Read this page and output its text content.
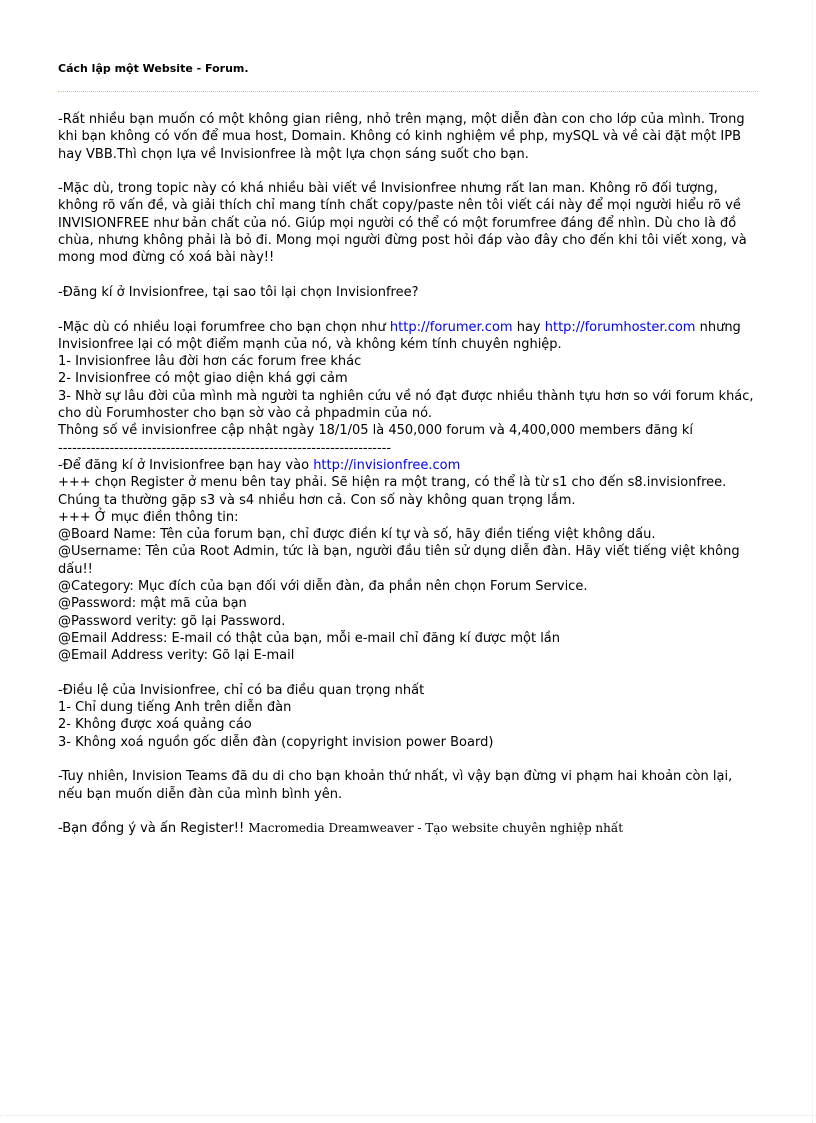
Cách lập một Website - Forum.

-Rất nhiều bạn muốn có một không gian riêng, nhỏ trên mạng, một diễn đàn con cho lớp của mình. Trong khi bạn không có vốn để mua host, Domain. Không có kinh nghiệm về php, mySQL và về cài đặt một IPB hay VBB.Thì chọn lựa về Invisionfree là một lựa chọn sáng suốt cho bạn.

-Mặc dù, trong topic này có khá nhiều bài viết về Invisionfree nhưng rất lan man. Không rõ đối tượng, không rõ vấn đề, và giải thích chỉ mang tính chất copy/paste nên tôi viết cái này để mọi người hiểu rõ về INVISIONFREE như bản chất của nó. Giúp mọi người có thể có một forumfree đáng để nhìn. Dù cho là đồ chùa, nhưng không phải là bỏ đi. Mong mọi người đừng post hỏi đáp vào đây cho đến khi tôi viết xong, và mong mod đừng có xoá bài này!!

-Đăng kí ở Invisionfree, tại sao tôi lại chọn Invisionfree?

-Mặc dù có nhiều loại forumfree cho bạn chọn như http://forumer.com hay http://forumhoster.com nhưng Invisionfree lại có một điểm mạnh của nó, và không kém tính chuyên nghiệp.

1- Invisionfree lâu đời hơn các forum free khác

2- Invisionfree có một giao diện khá gợi cảm

3- Nhờ sự lâu đời của mình mà người ta nghiên cứu về nó đạt được nhiều thành tựu hơn so với forum khác, cho dù Forumhoster cho bạn sờ vào cả phpadmin của nó.

Thông số về invisionfree cập nhật ngày 18/1/05 là 450,000 forum và 4,400,000 members đăng kí

-----------------------------------------------------------------------

-Để đăng kí ở Invisionfree bạn hay vào http://invisionfree.com

+++ chọn Register ở menu bên tay phải. Sẽ hiện ra một trang, có thể là từ s1 cho đến s8.invisionfree. Chúng ta thường gặp s3 và s4 nhiều hơn cả. Con số này không quan trọng lắm.

+++ Ở mục điền thông tin:

@Board Name: Tên của forum bạn, chỉ được điền kí tự và số, hãy điền tiếng việt không dấu.

@Username: Tên của Root Admin, tức là bạn, người đầu tiên sử dụng diễn đàn. Hãy viết tiếng việt không dấu!!

@Category: Mục đích của bạn đối với diễn đàn, đa phần nên chọn Forum Service.

@Password: mật mã của bạn

@Password verity: gõ lại Password.

@Email Address: E-mail có thật của bạn, mỗi e-mail chỉ đăng kí được một lần

@Email Address verity: Gõ lại E-mail

-Điều lệ của Invisionfree, chỉ có ba điều quan trọng nhất

1- Chỉ dung tiếng Anh trên diễn đàn

2- Không được xoá quảng cáo

3- Không xoá nguồn gốc diễn đàn (copyright invision power Board)

-Tuy nhiên, Invision Teams đã du di cho bạn khoản thứ nhất, vì vậy bạn đừng vi phạm hai khoản còn lại, nếu bạn muốn diễn đàn của mình bình yên.

-Bạn đồng ý và ấn Register!! Macromedia Dreamweaver - Tạo website chuyên nghiệp nhất
